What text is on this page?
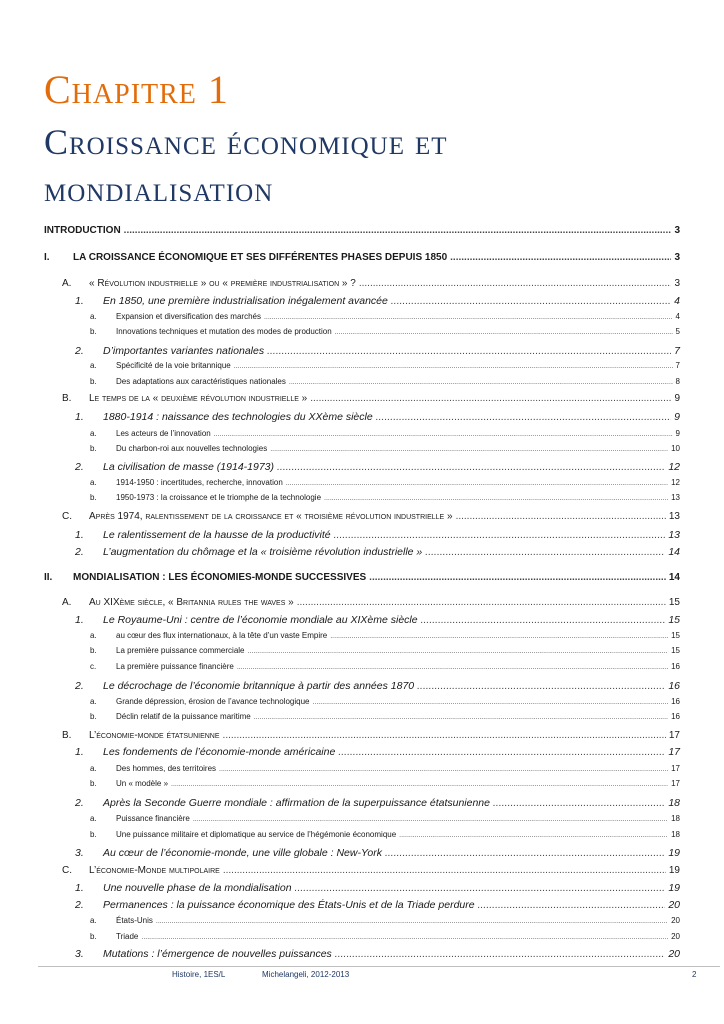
Chapitre 1
Croissance économique et
mondialisation
INTRODUCTION .....	3
I. LA CROISSANCE ÉCONOMIQUE ET SES DIFFÉRENTES PHASES DEPUIS 1850 .....	3
A. « Révolution industrielle » ou « première industrialisation » ? .....	3
1. En 1850, une première industrialisation inégalement avancée .....	4
a. Expansion et diversification des marchés .....	4
b. Innovations techniques et mutation des modes de production .....	5
2. D’importantes variantes nationales .....	7
a. Spécificité de la voie britannique .....	7
b. Des adaptations aux caractéristiques nationales .....	8
B. Le temps de la « deuxième révolution industrielle » .....	9
1. 1880-1914 : naissance des technologies du XXème siècle .....	9
a. Les acteurs de l’innovation .....	9
b. Du charbon-roi aux nouvelles technologies .....	10
2. La civilisation de masse (1914-1973) .....	12
a. 1914-1950 : incertitudes, recherche, innovation .....	12
b. 1950-1973 : la croissance et le triomphe de la technologie .....	13
C. Après 1974, ralentissement de la croissance et « troisième révolution industrielle » .....	13
1. Le ralentissement de la hausse de la productivité .....	13
2. L’augmentation du chômage et la « troisième révolution industrielle » .....	14
II. MONDIALISATION : LES ÉCONOMIES-MONDE SUCCESSIVES .....	14
A. Au XIXème siècle, « Britannia rules the waves » .....	15
1. Le Royaume-Uni : centre de l’économie mondiale au XIXème siècle .....	15
a. au cœur des flux internationaux, à la tête d’un vaste Empire .....	15
b. La première puissance commerciale .....	15
c. La première puissance financière .....	16
2. Le décrochage de l’économie britannique à partir des années 1870 .....	16
a. Grande dépression, érosion de l’avance technologique .....	16
b. Déclin relatif de la puissance maritime .....	16
B. L’économie-monde étatsunienne .....	17
1. Les fondements de l’économie-monde américaine .....	17
a. Des hommes, des territoires .....	17
b. Un « modèle » .....	17
2. Après la Seconde Guerre mondiale : affirmation de la superpuissance étatsunienne .....	18
a. Puissance financière .....	18
b. Une puissance militaire et diplomatique au service de l’hégémonie économique .....	18
3. Au cœur de l’économie-monde, une ville globale : New-York .....	19
C. L’économie-Monde multipolaire .....	19
1. Une nouvelle phase de la mondialisation .....	19
2. Permanences : la puissance économique des États-Unis et de la Triade perdure .....	20
a. États-Unis .....	20
b. Triade .....	20
3. Mutations : l’émergence de nouvelles puissances .....	20
Histoire, 1ES/L	Michelangeli, 2012-2013	2
